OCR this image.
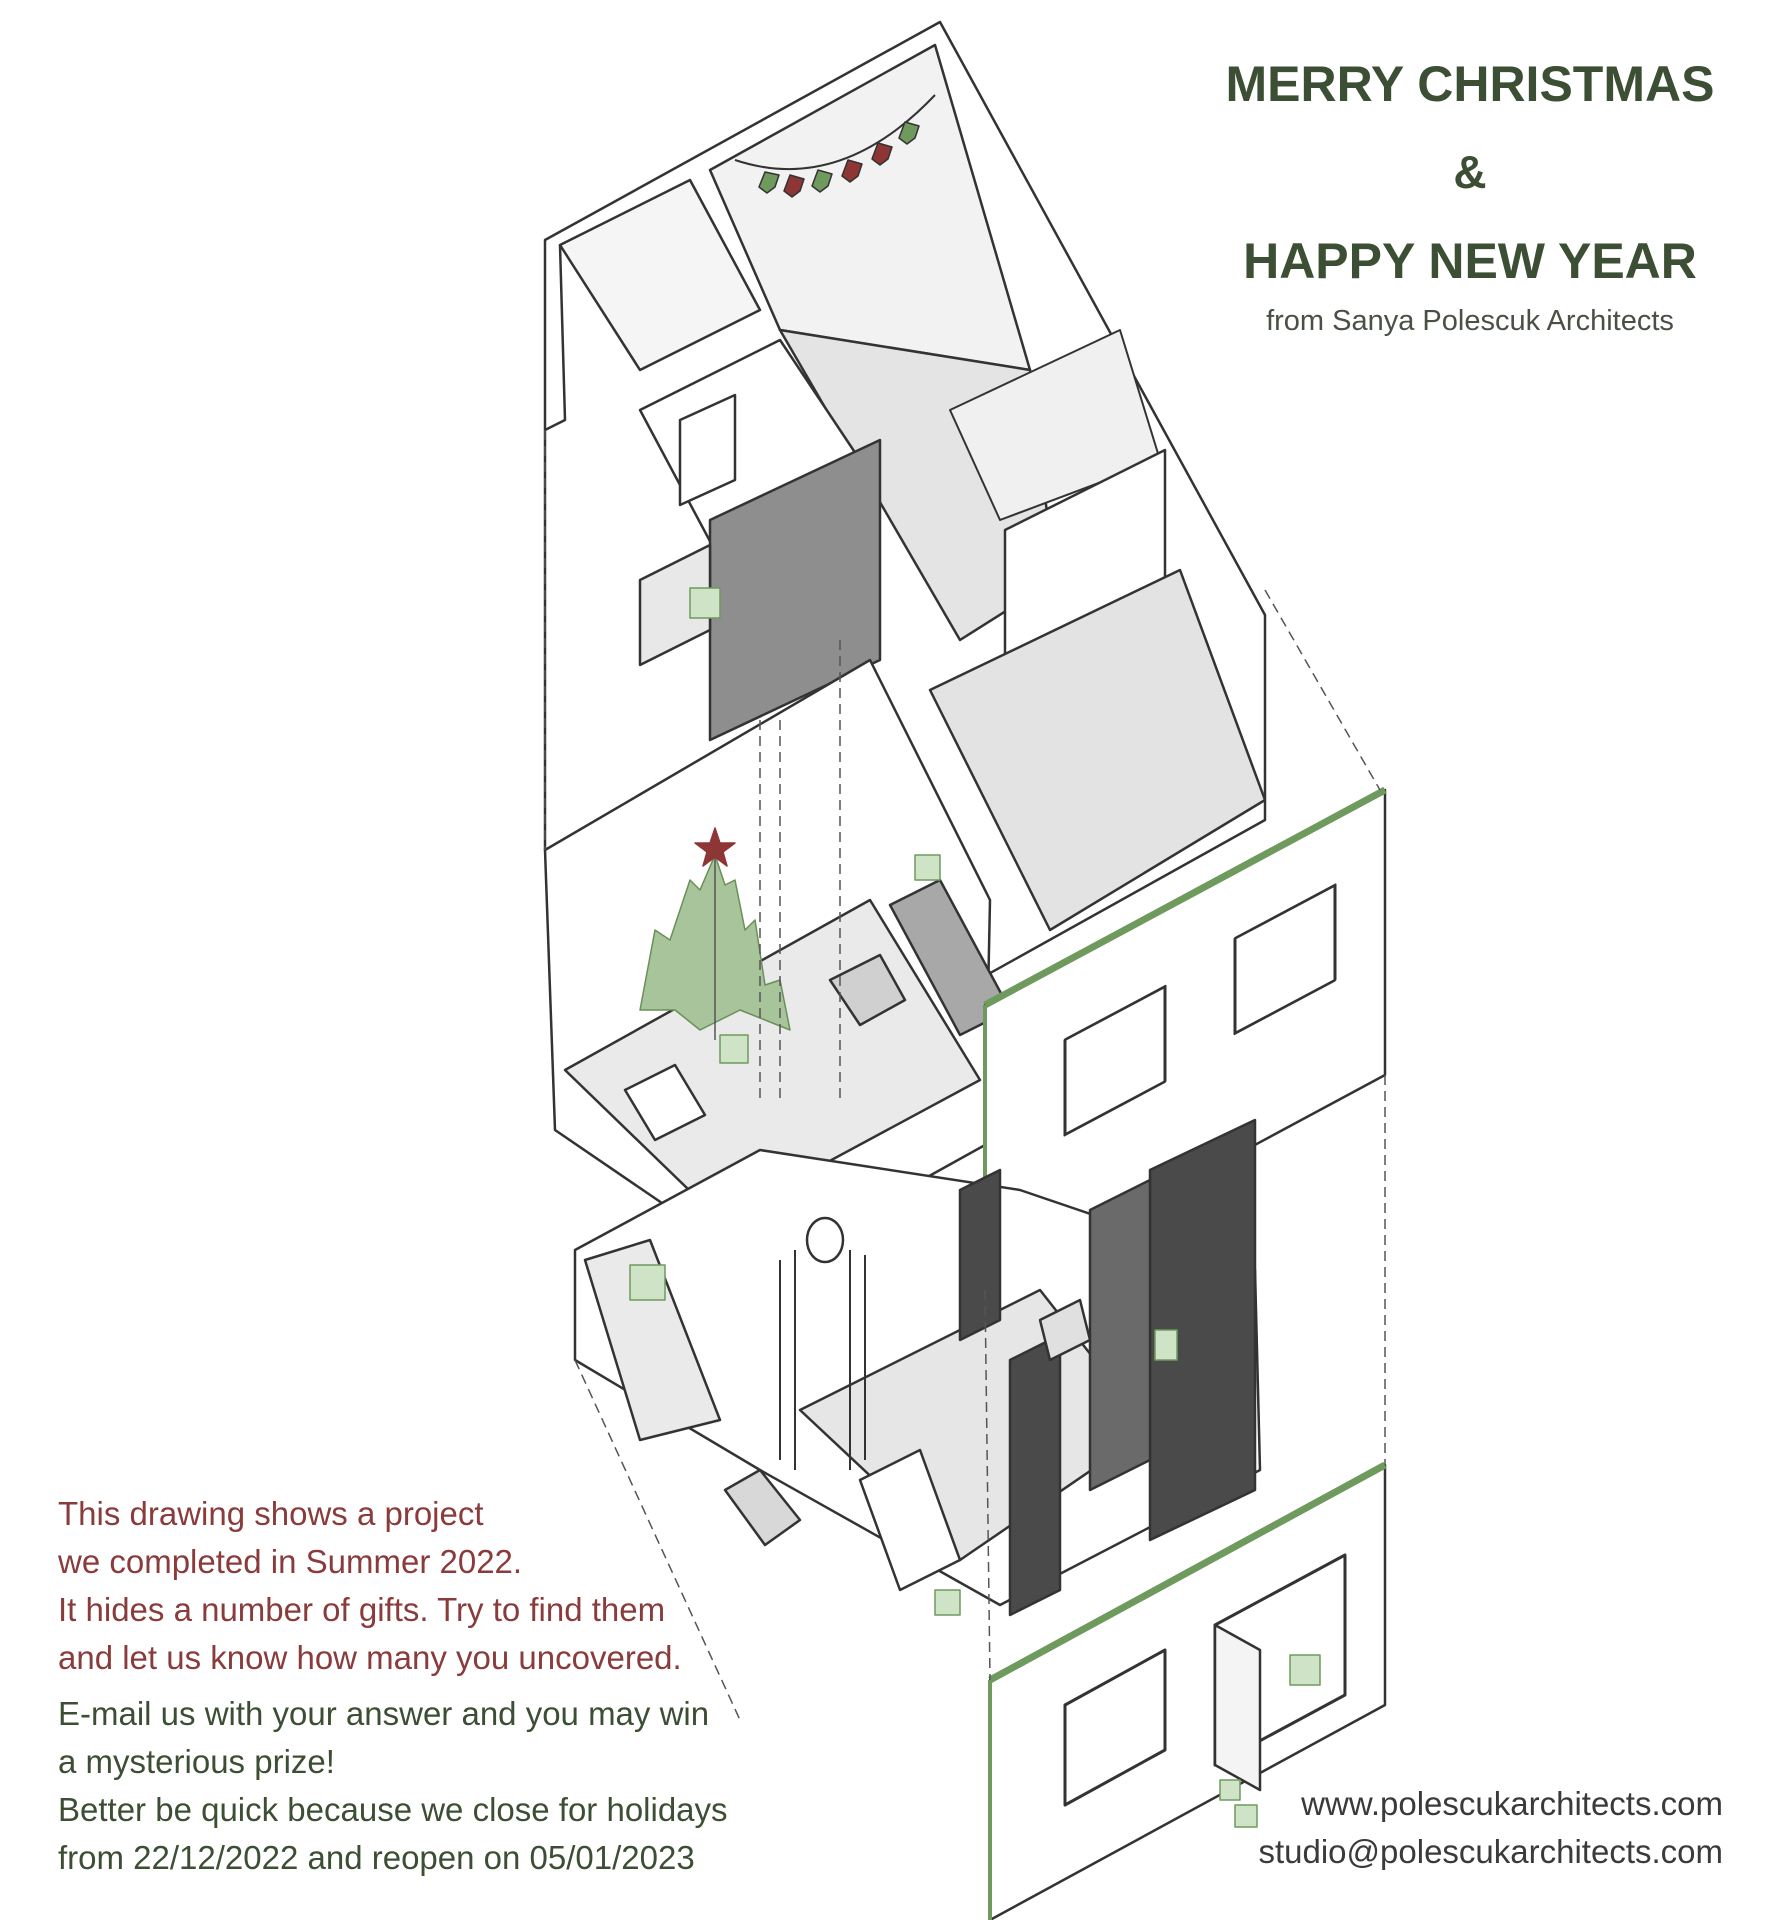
MERRY CHRISTMAS
&
HAPPY NEW YEAR

from Sanya Polescuk Architects

This drawing shows a project
we completed in Summer 2022.
It hides a number of gifts. Try to find them
and let us know how many you uncovered.
E-mail us with your answer and you may win
a mysterious prize!
Better be quick because we close for holidays
from 22/12/2022 and reopen on 05/01/2023

www.polescukarchitects.com

studio@polescukarchitects.com
